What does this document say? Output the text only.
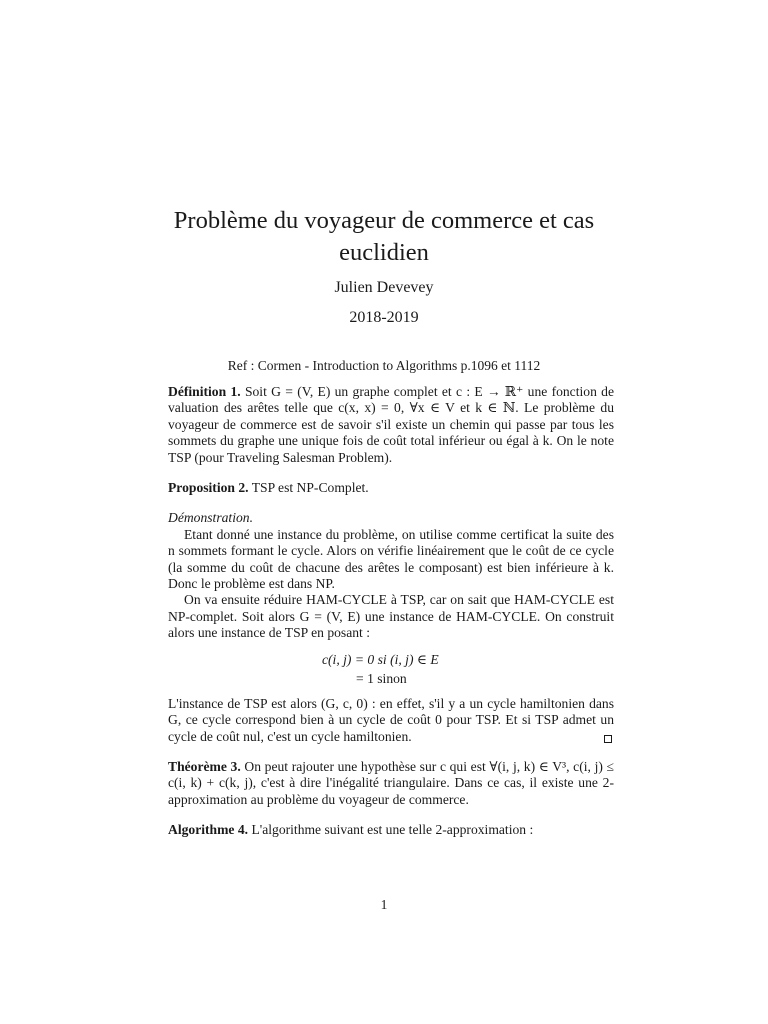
Problème du voyageur de commerce et cas euclidien
Julien Devevey
2018-2019
Ref : Cormen - Introduction to Algorithms p.1096 et 1112

Définition 1. Soit G = (V, E) un graphe complet et c : E → ℝ⁺ une fonction de valuation des arêtes telle que c(x, x) = 0, ∀x ∈ V et k ∈ ℕ. Le problème du voyageur de commerce est de savoir s'il existe un chemin qui passe par tous les sommets du graphe une unique fois de coût total inférieur ou égal à k. On le note TSP (pour Traveling Salesman Problem).

Proposition 2. TSP est NP-Complet.

Démonstration.

Etant donné une instance du problème, on utilise comme certificat la suite des n sommets formant le cycle. Alors on vérifie linéairement que le coût de ce cycle (la somme du coût de chacune des arêtes le composant) est bien inférieure à k. Donc le problème est dans NP.

On va ensuite réduire HAM-CYCLE à TSP, car on sait que HAM-CYCLE est NP-complet. Soit alors G = (V, E) une instance de HAM-CYCLE. On construit alors une instance de TSP en posant :

c(i, j) = 0 si (i, j) ∈ E
= 1 sinon

L'instance de TSP est alors (G, c, 0) : en effet, s'il y a un cycle hamiltonien dans G, ce cycle correspond bien à un cycle de coût 0 pour TSP. Et si TSP admet un cycle de coût nul, c'est un cycle hamiltonien.

Théorème 3. On peut rajouter une hypothèse sur c qui est ∀(i, j, k) ∈ V³, c(i, j) ≤ c(i, k) + c(k, j), c'est à dire l'inégalité triangulaire. Dans ce cas, il existe une 2-approximation au problème du voyageur de commerce.

Algorithme 4. L'algorithme suivant est une telle 2-approximation :

1
